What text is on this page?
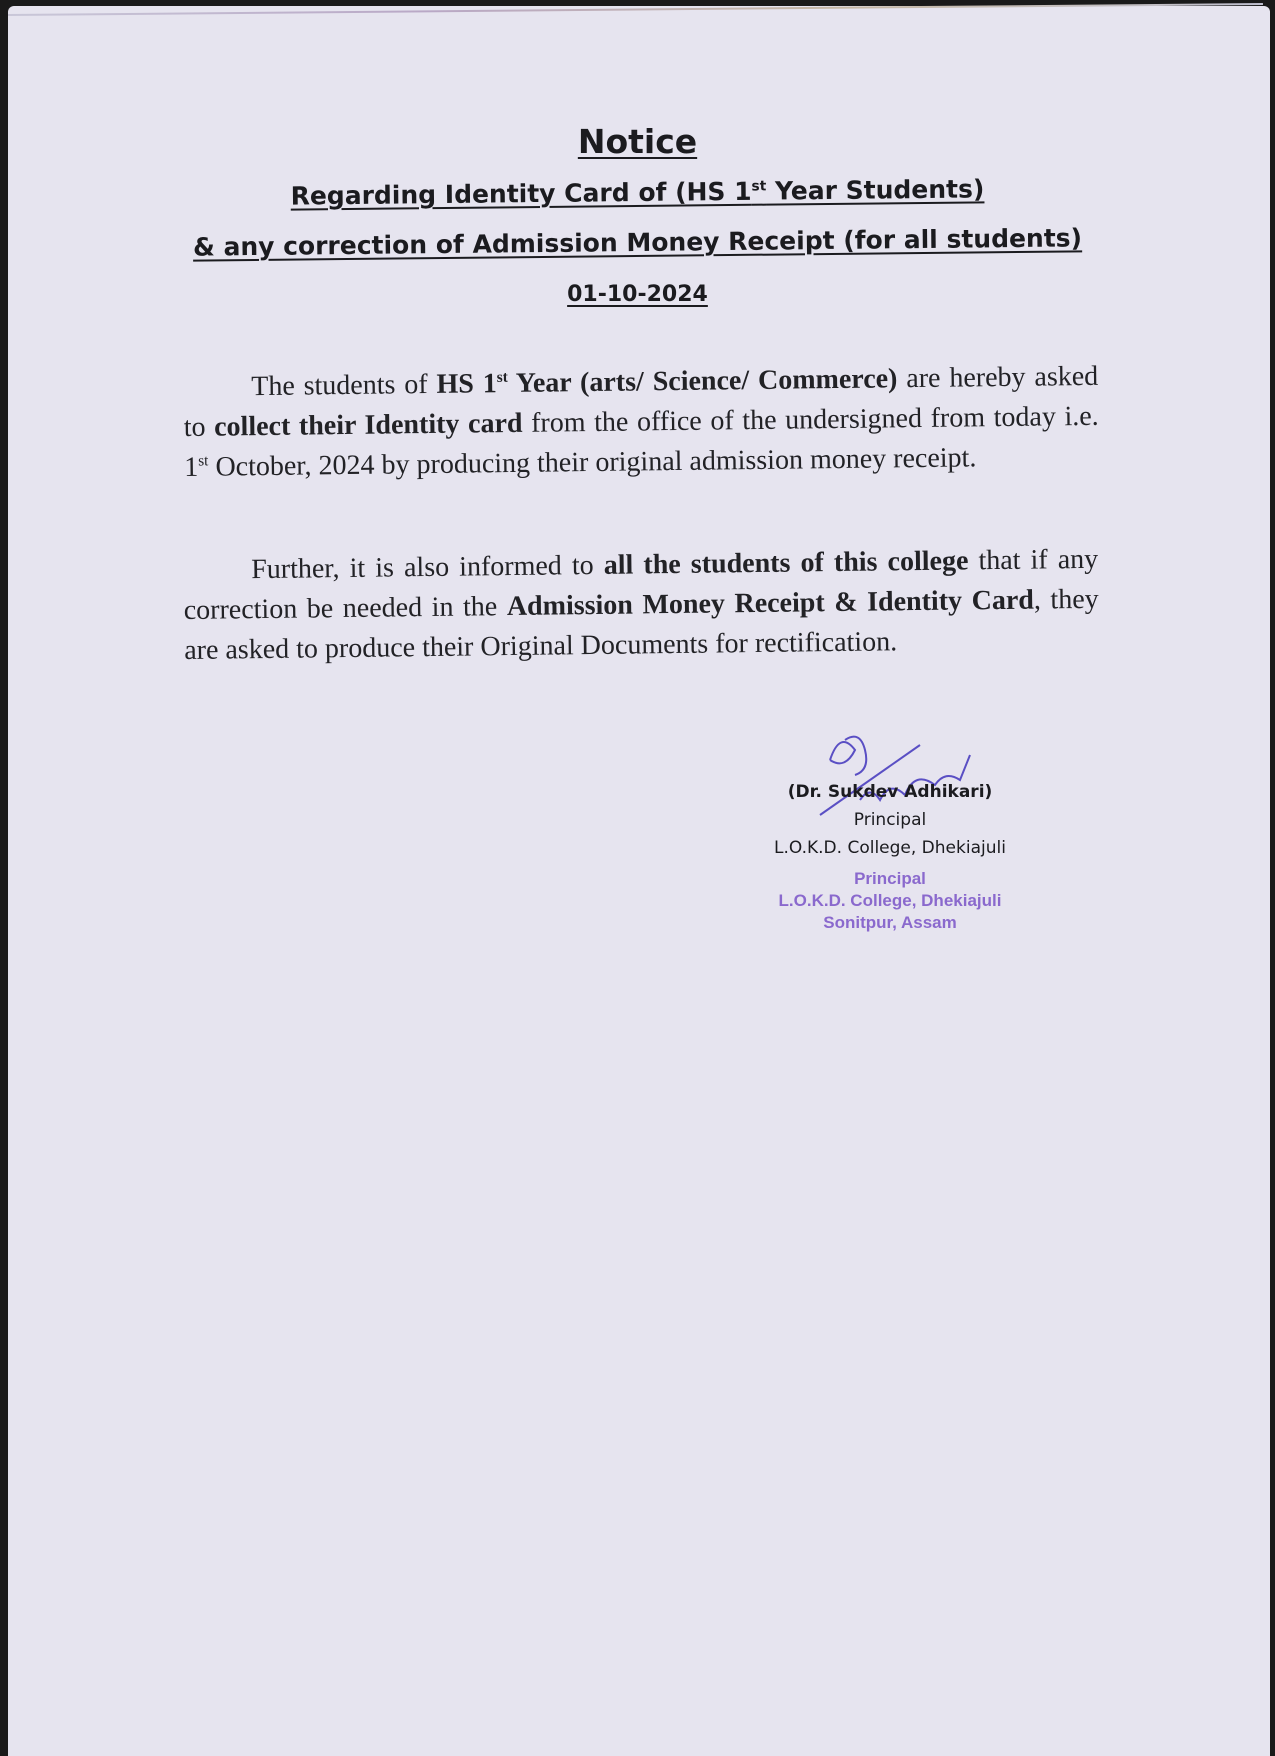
Notice
Regarding Identity Card of (HS 1st Year Students)
& any correction of Admission Money Receipt (for all students)
01-10-2024
The students of HS 1st Year (arts/ Science/ Commerce) are hereby asked to collect their Identity card from the office of the undersigned from today i.e. 1st October, 2024 by producing their original admission money receipt.
Further, it is also informed to all the students of this college that if any correction be needed in the Admission Money Receipt & Identity Card, they are asked to produce their Original Documents for rectification.
(Dr. Sukdev Adhikari)
Principal
L.O.K.D. College, Dhekiajuli
Principal
L.O.K.D. College, Dhekiajuli
Sonitpur, Assam
